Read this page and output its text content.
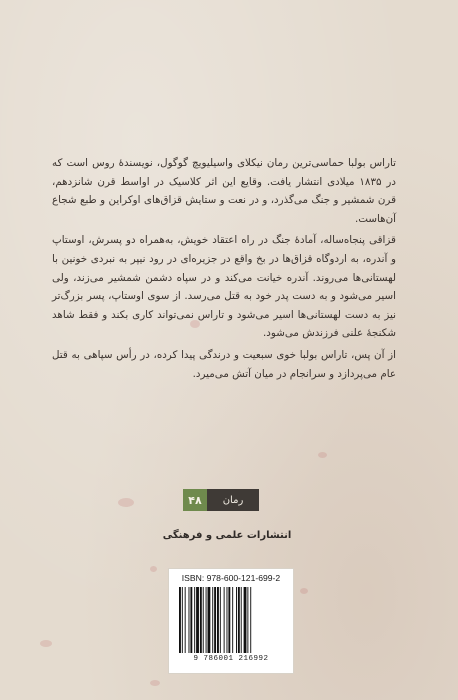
تاراس بولبا حماسی‌ترین رمان نیکلای واسیلیویچ گوگول، نویسندهٔ روس است که در ۱۸۳۵ میلادی انتشار یافت. وقایع این اثر کلاسیک در اواسط قرن شانزدهم، قرن شمشیر و جنگ می‌گذرد، و در نعت و ستایش قزاق‌های اوکراین و طبع شجاع آن‌هاست.

قزاقی پنجاه‌ساله، آمادهٔ جنگ در راه اعتقاد خویش، به‌همراه دو پسرش، اوستاپ و آندره، به اردوگاه قزاق‌ها در بخ واقع در جزیره‌ای در رود نیپر به نبردی خونین با لهستانی‌ها می‌روند. آندره خیانت می‌کند و در سپاه دشمن شمشیر می‌زند، ولی اسیر می‌شود و به دست پدر خود به قتل می‌رسد. از سوی اوستاپ، پسر بزرگ‌تر نیز به دست لهستانی‌ها اسیر می‌شود و تاراس نمی‌تواند کاری بکند و فقط شاهد شکنجهٔ علنی فرزندش می‌شود.

از آن پس، تاراس بولبا خوی سبعیت و درندگی پیدا کرده، در رأس سپاهی به قتل عام می‌پردازد و سرانجام در میان آتش می‌میرد.

۴۸	رمان
انتشارات علمی و فرهنگی
ISBN: 978-600-121-699-2
9 786001 216992
